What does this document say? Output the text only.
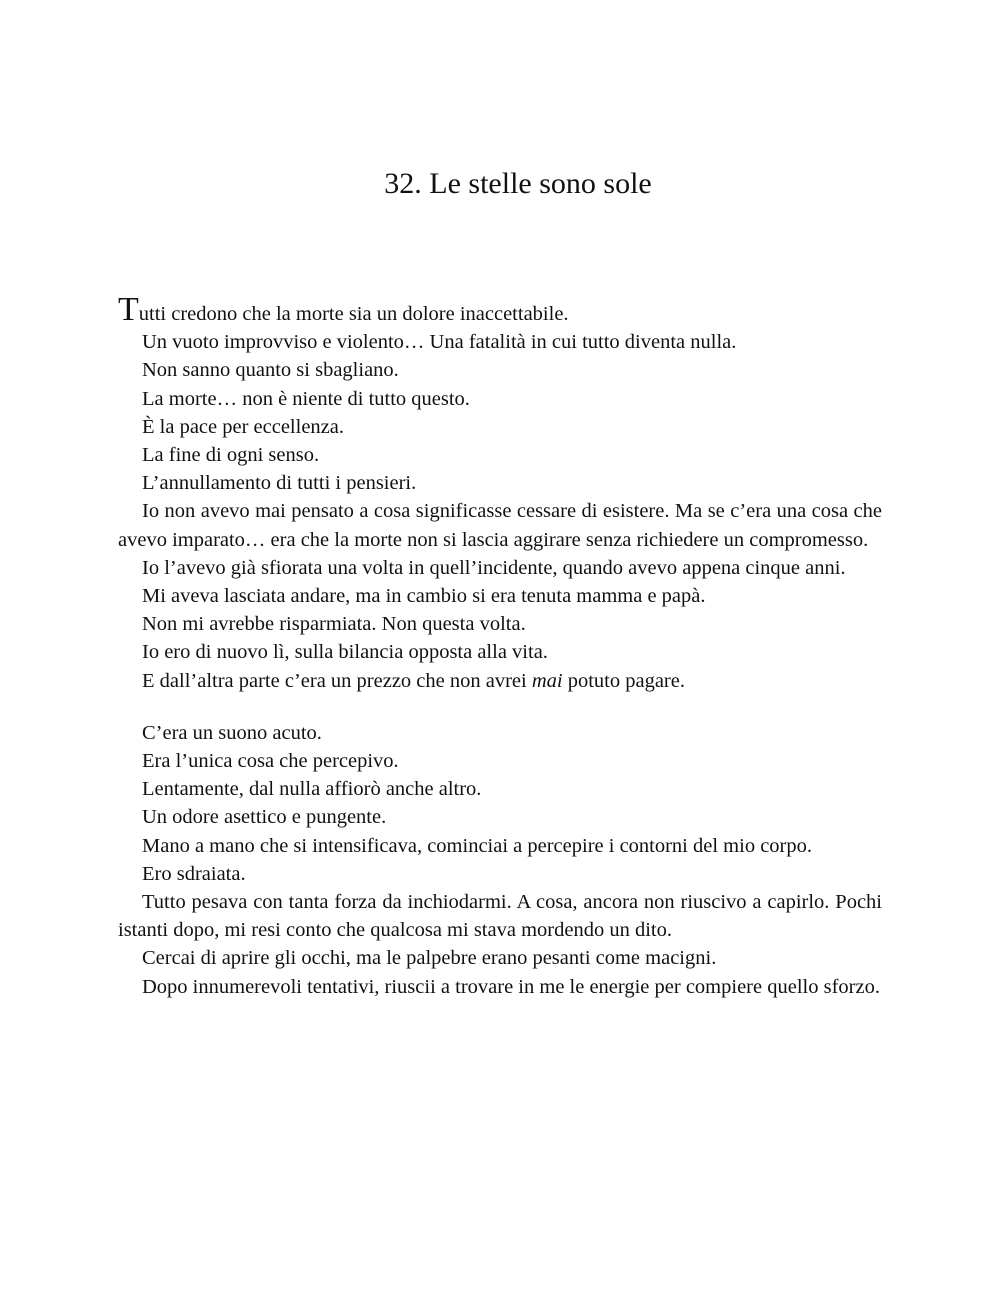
32. Le stelle sono sole

Tutti credono che la morte sia un dolore inaccettabile.

Un vuoto improvviso e violento… Una fatalità in cui tutto diventa nulla.

Non sanno quanto si sbagliano.

La morte… non è niente di tutto questo.

È la pace per eccellenza.

La fine di ogni senso.

L’annullamento di tutti i pensieri.

Io non avevo mai pensato a cosa significasse cessare di esistere. Ma se c’era una cosa che avevo imparato… era che la morte non si lascia aggirare senza richiedere un compromesso.

Io l’avevo già sfiorata una volta in quell’incidente, quando avevo appena cinque anni.

Mi aveva lasciata andare, ma in cambio si era tenuta mamma e papà.

Non mi avrebbe risparmiata. Non questa volta.

Io ero di nuovo lì, sulla bilancia opposta alla vita.

E dall’altra parte c’era un prezzo che non avrei mai potuto pagare.

C’era un suono acuto.

Era l’unica cosa che percepivo.

Lentamente, dal nulla affiorò anche altro.

Un odore asettico e pungente.

Mano a mano che si intensificava, cominciai a percepire i contorni del mio corpo.

Ero sdraiata.

Tutto pesava con tanta forza da inchiodarmi. A cosa, ancora non riuscivo a capirlo. Pochi istanti dopo, mi resi conto che qualcosa mi stava mordendo un dito.

Cercai di aprire gli occhi, ma le palpebre erano pesanti come macigni.

Dopo innumerevoli tentativi, riuscii a trovare in me le energie per compiere quello sforzo.
